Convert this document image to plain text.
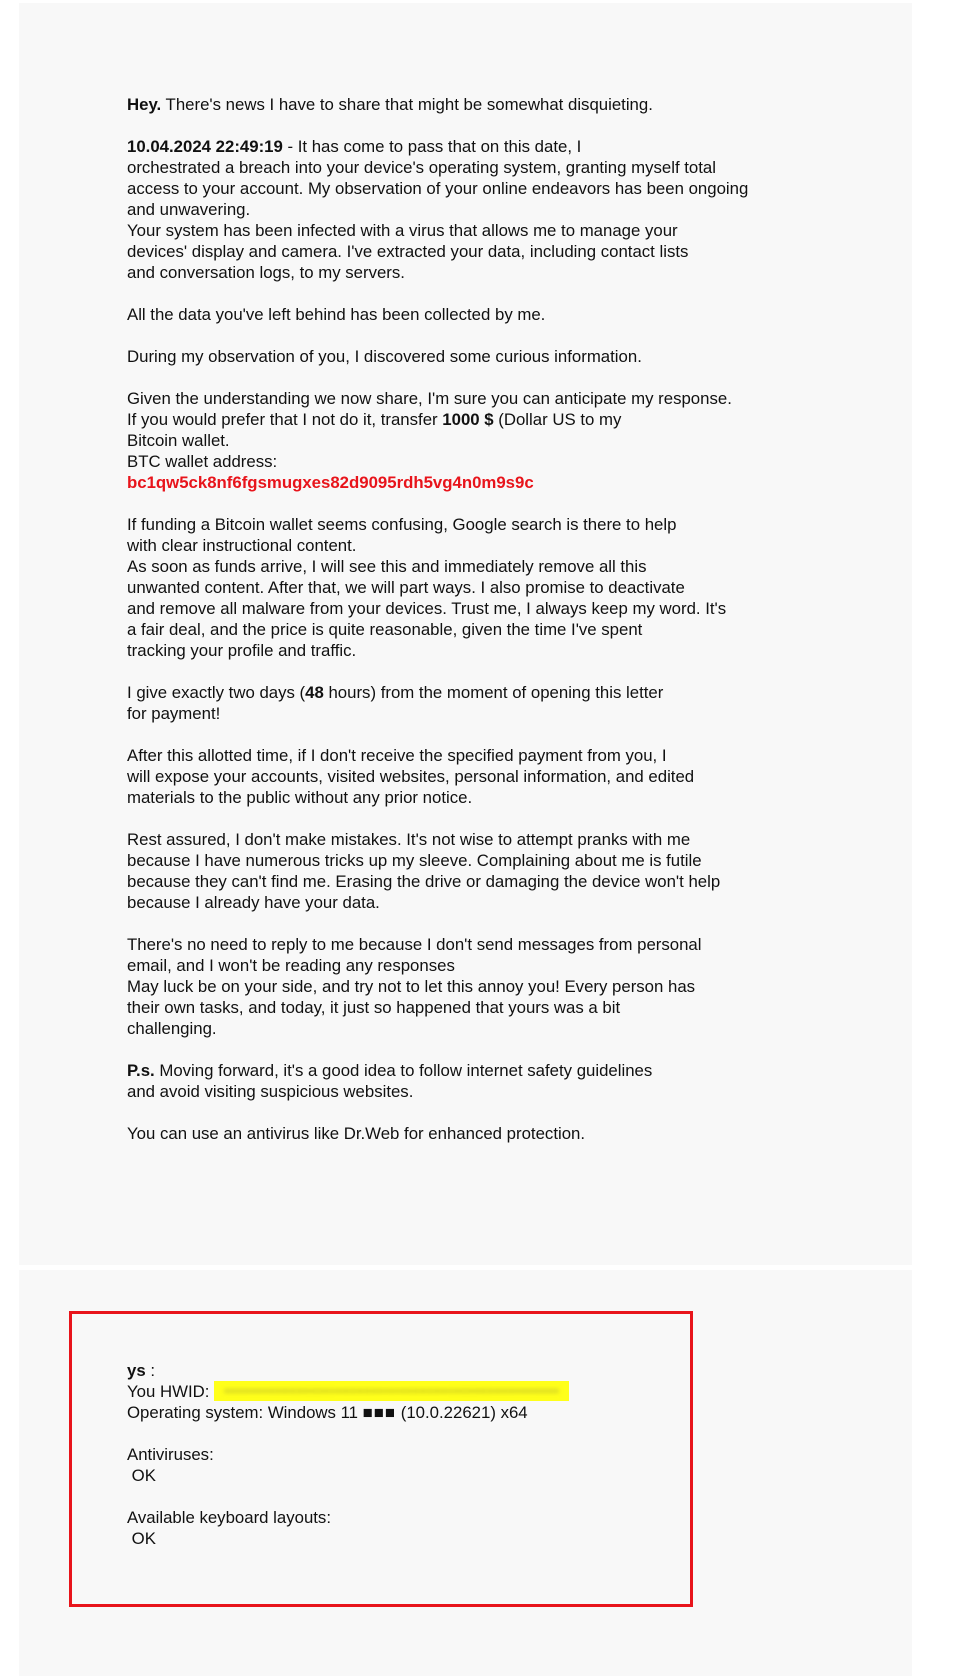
Hey. There's news I have to share that might be somewhat disquieting.

10.04.2024 22:49:19 - It has come to pass that on this date, I
orchestrated a breach into your device's operating system, granting myself total
access to your account. My observation of your online endeavors has been ongoing
and unwavering.
Your system has been infected with a virus that allows me to manage your
devices' display and camera. I've extracted your data, including contact lists
and conversation logs, to my servers.

All the data you've left behind has been collected by me.

During my observation of you, I discovered some curious information.

Given the understanding we now share, I'm sure you can anticipate my response.
If you would prefer that I not do it, transfer 1000 $ (Dollar US to my
Bitcoin wallet.
BTC wallet address:
bc1qw5ck8nf6fgsmugxes82d9095rdh5vg4n0m9s9c

If funding a Bitcoin wallet seems confusing, Google search is there to help
with clear instructional content.
As soon as funds arrive, I will see this and immediately remove all this
unwanted content. After that, we will part ways. I also promise to deactivate
and remove all malware from your devices. Trust me, I always keep my word. It's
a fair deal, and the price is quite reasonable, given the time I've spent
tracking your profile and traffic.

I give exactly two days (48 hours) from the moment of opening this letter
for payment!

After this allotted time, if I don't receive the specified payment from you, I
will expose your accounts, visited websites, personal information, and edited
materials to the public without any prior notice.

Rest assured, I don't make mistakes. It's not wise to attempt pranks with me
because I have numerous tricks up my sleeve. Complaining about me is futile
because they can't find me. Erasing the drive or damaging the device won't help
because I already have your data.

There's no need to reply to me because I don't send messages from personal
email, and I won't be reading any responses
May luck be on your side, and try not to let this annoy you! Every person has
their own tasks, and today, it just so happened that yours was a bit
challenging.

P.s. Moving forward, it's a good idea to follow internet safety guidelines
and avoid visiting suspicious websites.

You can use an antivirus like Dr.Web for enhanced protection.

ys :
You HWID:
Operating system: Windows 11 ■■■ (10.0.22621) x64
Antiviruses:
OK
Available keyboard layouts:
OK
